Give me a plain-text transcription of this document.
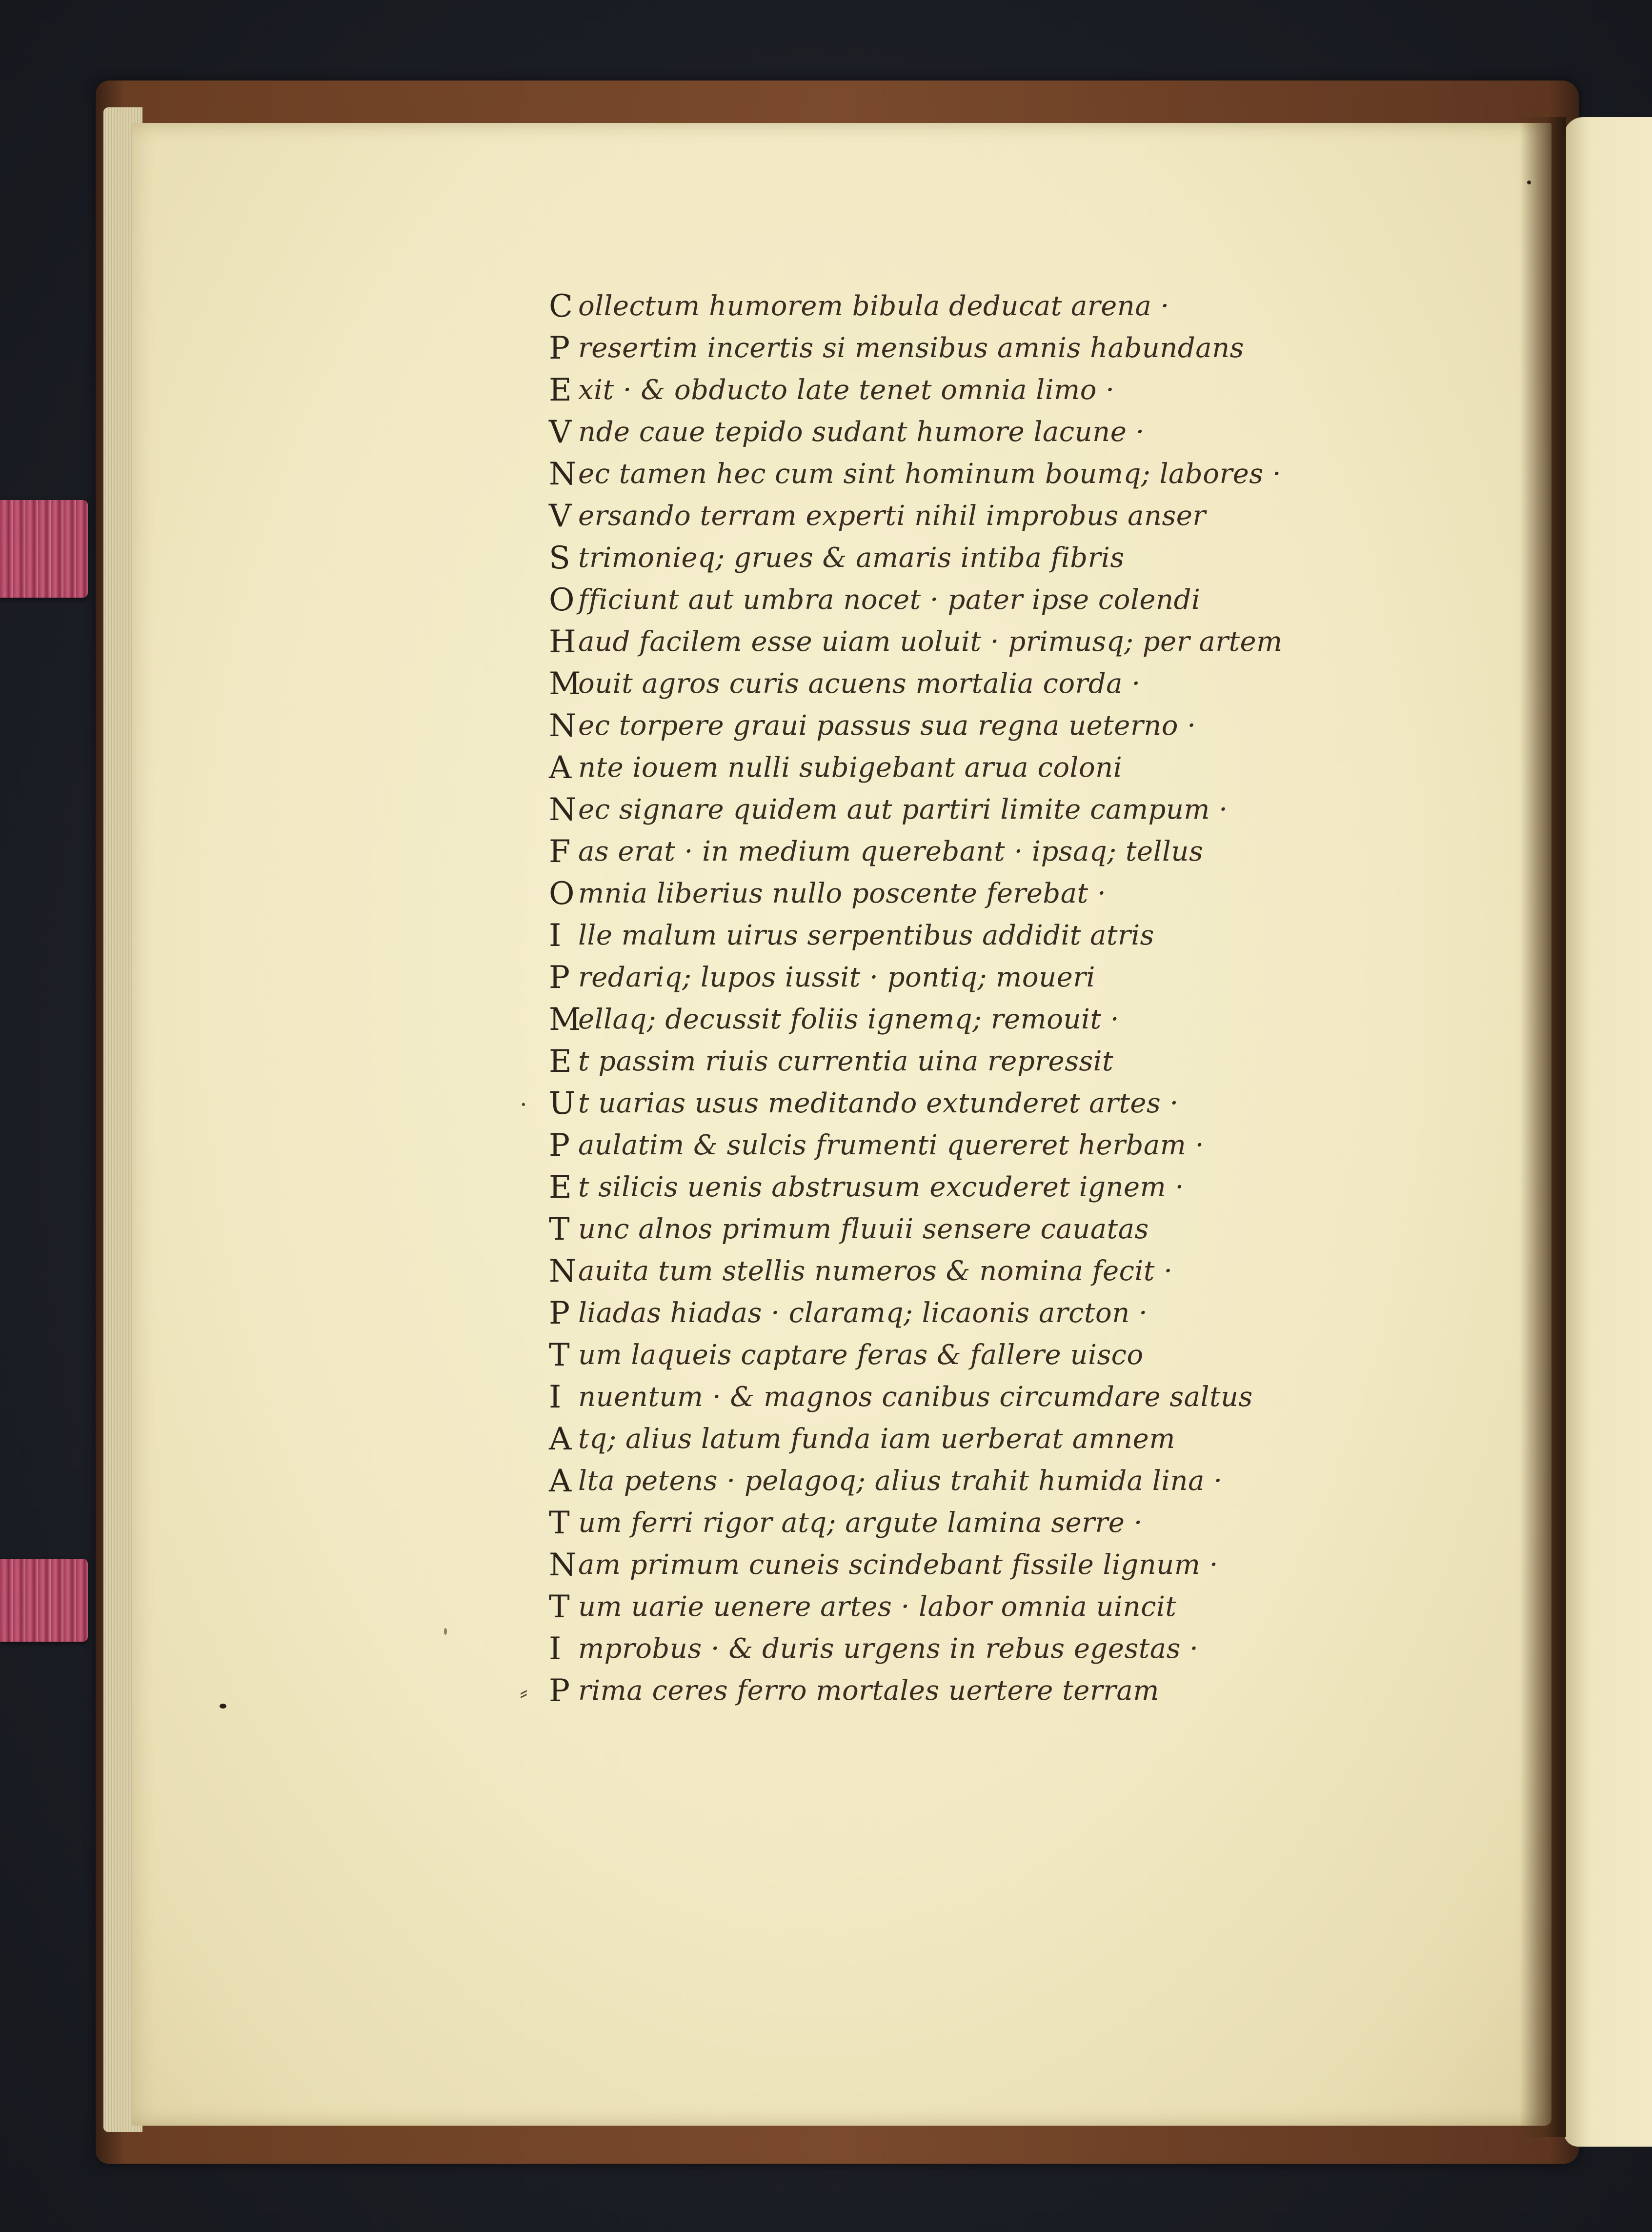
C ollectum humorem bibula deducat arena ·
P resertim incertis si mensibus amnis habundans
E xit · & obducto late tenet omnia limo ·
V nde caue tepido sudant humore lacune ·
N ec tamen hec cum sint hominum boumq; labores ·
V ersando terram experti nihil improbus anser
S trimonieq; grues & amaris intiba fibris
O fficiunt aut umbra nocet · pater ipse colendi
H aud facilem esse uiam uoluit · primusq; per artem
M
ouit agros curis acuens mortalia corda ·
N ec torpere graui passus sua regna ueterno ·
A nte iouem nulli subigebant arua coloni
N ec signare quidem aut partiri limite campum ·
F as erat · in medium querebant · ipsaq; tellus
O mnia liberius nullo poscente ferebat ·
I lle malum uirus serpentibus addidit atris
P redariq; lupos iussit · pontiq; moueri
M
ellaq; decussit foliis ignemq; remouit ·
E t passim riuis currentia uina repressit
· U t uarias usus meditando extunderet artes ·
P aulatim & sulcis frumenti quereret herbam ·
E t silicis uenis abstrusum excuderet ignem ·
T unc alnos primum fluuii sensere cauatas
N auita tum stellis numeros & nomina fecit ·
P liadas hiadas · claramq; licaonis arcton ·
T um laqueis captare feras & fallere uisco
I nuentum · & magnos canibus circumdare saltus
A tq; alius latum funda iam uerberat amnem
A lta petens · pelagoq; alius trahit humida lina ·
T um ferri rigor atq; argute lamina serre ·
N am primum cuneis scindebant fissile lignum ·
T um uarie uenere artes · labor omnia uincit
I mprobus · & duris urgens in rebus egestas ·
⸗ P rima ceres ferro mortales uertere terram
